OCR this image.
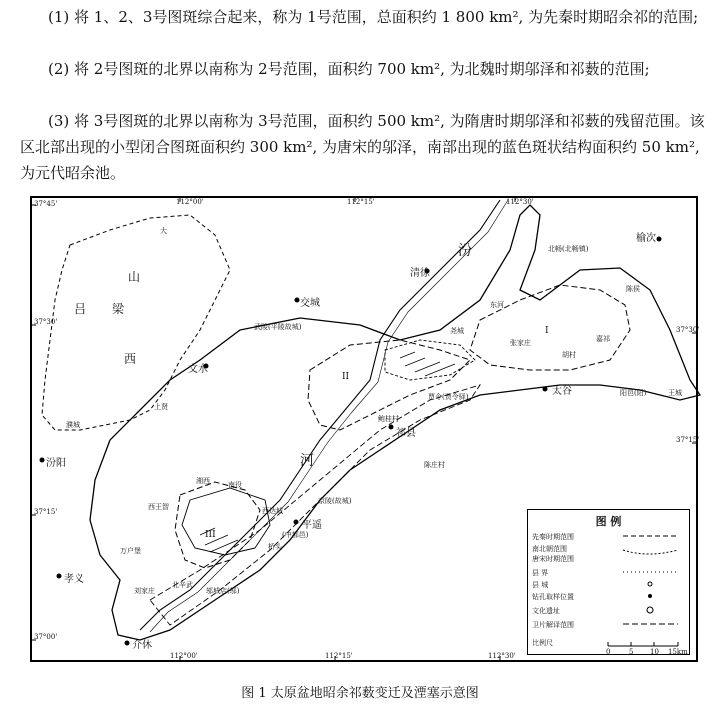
(1) 将 1、2、3号图斑综合起来，称为 1号范围，总面积约 1 800 km², 为先秦时期昭余祁的范围;

(2) 将 2号图斑的北界以南称为 2号范围，面积约 700 km², 为北魏时期邬泽和祁薮的范围;

(3) 将 3号图斑的北界以南称为 3号范围，面积约 500 km², 为隋唐时期邬泽和祁薮的残留范围。该区北部出现的小型闭合图斑面积约 300 km², 为唐宋的邬泽，南部出现的蓝色斑状结构面积约 50 km², 为元代昭余池。

112°00'	112°15'	112°30'
112°00'	112°15'	112°30'
37°45'
37°30'
37°15'
37°00'
37°30'
37°15'
汾
河
交城
清徐
榆次
太谷
文水
祁县
平遥
汾阳
孝义
介休
武陵(平陵故城)	尧城
张家庄
胡村
嘉祁
贾令(贾令驿)
鲍桂村
东河
北畅(北畅镇)
陈侯
阳邑(阳)	王城
京陵(故城)
(中都邑)
桥头
西达城
西王智
万户堡
北辛武
上贤
刘家庄	邬城店(邬)
湘西	南役
陈庄村
濮城
大
山
西
吕 梁
I
II
III
图 例
先秦时期范围
南北朝范围
唐宋时期范围
县 界
县 城
钻孔取样位置
文化遗址
卫片解译范围
比例尺
0	5 10 15km
图 1 太原盆地昭余祁薮变迁及湮塞示意图
